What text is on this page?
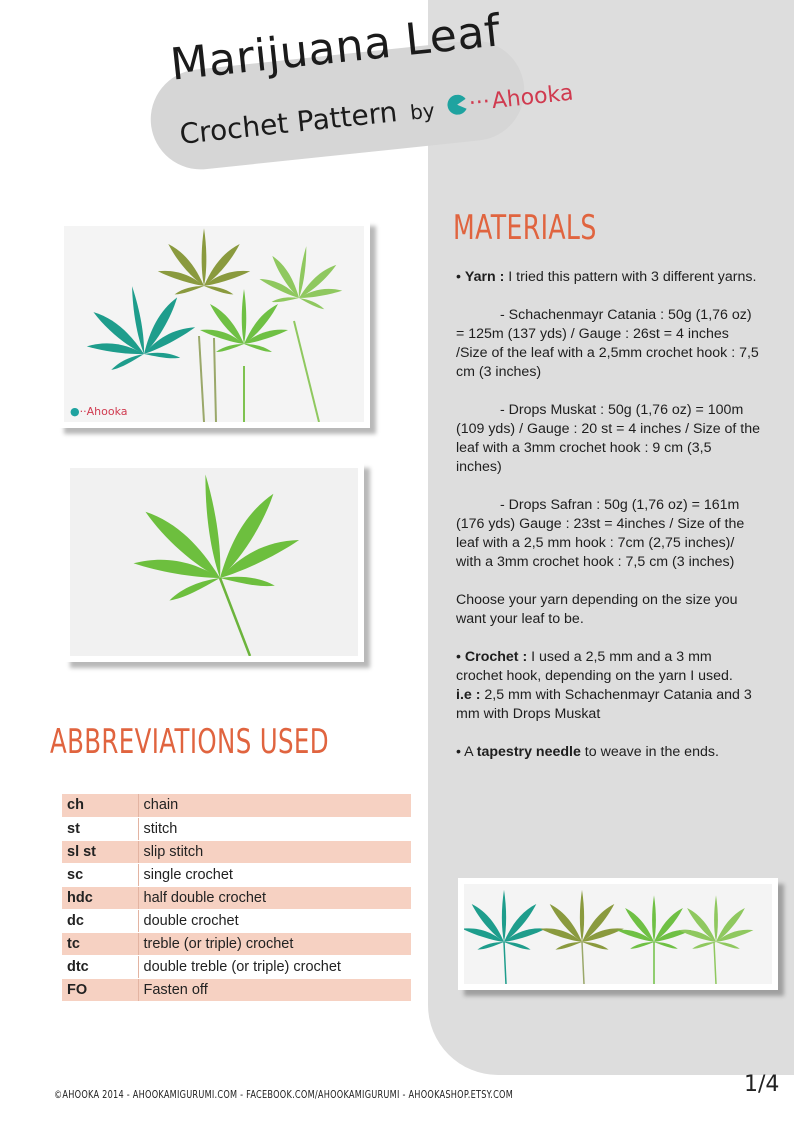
Marijuana Leaf
Crochet Pattern by ··· Ahooka
●··Ahooka
MATERIALS

• Yarn : I tried this pattern with 3 different yarns.

- Schachenmayr Catania : 50g (1,76 oz) = 125m (137 yds) / Gauge : 26st = 4 inches /Size of the leaf with a 2,5mm crochet hook : 7,5 cm (3 inches)

- Drops Muskat : 50g (1,76 oz) = 100m (109 yds) / Gauge : 20 st = 4 inches / Size of the leaf with a 3mm crochet hook : 9 cm (3,5 inches)

- Drops Safran : 50g (1,76 oz) = 161m (176 yds) Gauge : 23st = 4inches / Size of the leaf with a 2,5 mm hook : 7cm (2,75 inches)/ with a 3mm crochet hook : 7,5 cm (3 inches)

Choose your yarn depending on the size you want your leaf to be.

• Crochet : I used a 2,5 mm and a 3 mm crochet hook, depending on the yarn I used.
i.e : 2,5 mm with Schachenmayr Catania and 3 mm with Drops Muskat

• A tapestry needle to weave in the ends.

ABBREVIATIONS USED
ch	chain
st	stitch
sl st	slip stitch
sc	single crochet
hdc	half double crochet
dc	double crochet
tc	treble (or triple) crochet
dtc	double treble (or triple) crochet
FO	Fasten off
©AHOOKA 2014 - AHOOKAMIGURUMI.COM - FACEBOOK.COM/AHOOKAMIGURUMI - AHOOKASHOP.ETSY.COM	1/4
